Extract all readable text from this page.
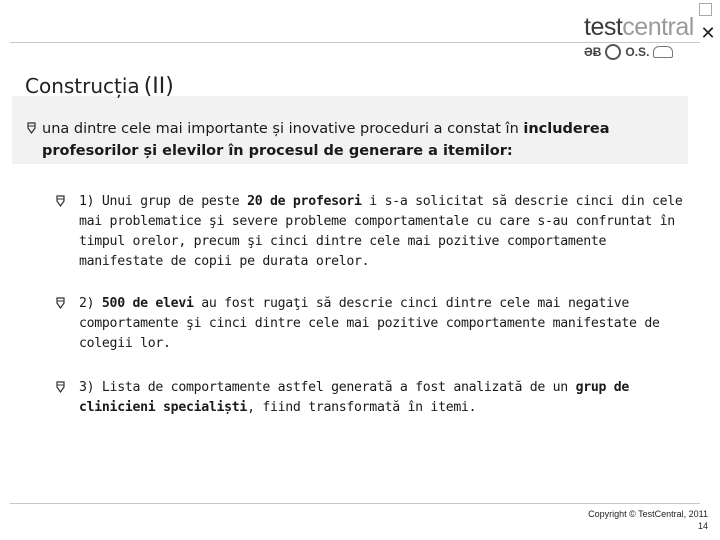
✕
testcentral
ƏɃ O.S.
Construcția (II)
una dintre cele mai importante și inovative proceduri a constat în includerea profesorilor și elevilor în procesul de generare a itemilor:
1) Unui grup de peste 20 de profesori i s-a solicitat să descrie cinci din cele mai problematice şi severe probleme comportamentale cu care s-au confruntat în timpul orelor, precum şi cinci dintre cele mai pozitive comportamente manifestate de copii pe durata orelor.
2) 500 de elevi au fost rugaţi să descrie cinci dintre cele mai negative comportamente şi cinci dintre cele mai pozitive comportamente manifestate de colegii lor.
3) Lista de comportamente astfel generată a fost analizată de un grup de clinicieni specialiști, fiind transformată în itemi.
Copyright © TestCentral, 2011
14
